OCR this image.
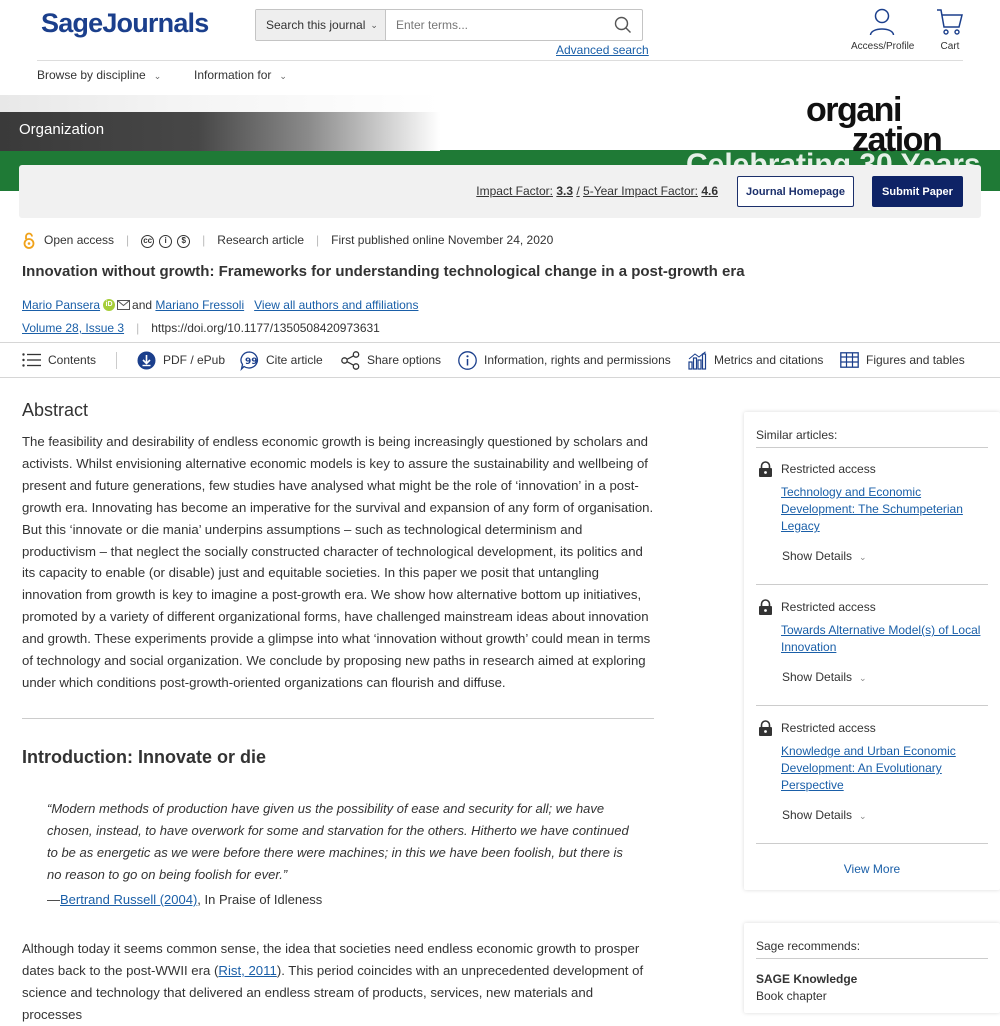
SageJournals	Search this journal ⌄
Enter terms...
Advanced search	Access/Profile	Cart
Browse by discipline ⌄	Information for ⌄
Organization
organi
zation
Impact Factor: 3.3 / 5-Year Impact Factor: 4.6	Journal Homepage	Submit Paper
Open access | cc i $	| Research article | First published online November 24, 2020
Innovation without growth: Frameworks for understanding technological change in a post-growth era
Mario Pansera iD and
Mariano Fressoli
View all authors and affiliations
Volume 28, Issue 3 | https://doi.org/10.1177/1350508420973631
Contents	PDF / ePub 99 Cite article	Share options	Information, rights and permissions	Metrics and citations	Figures and tables
Abstract

The feasibility and desirability of endless economic growth is being increasingly questioned by scholars and activists. Whilst envisioning alternative economic models is key to assure the sustainability and wellbeing of present and future generations, few studies have analysed what might be the role of ‘innovation’ in a post-growth era. Innovating has become an imperative for the survival and expansion of any form of organisation. But this ‘innovate or die mania’ underpins assumptions – such as technological determinism and productivism – that neglect the socially constructed character of technological development, its politics and its capacity to enable (or disable) just and equitable societies. In this paper we posit that untangling innovation from growth is key to imagine a post-growth era. We show how alternative bottom up initiatives, promoted by a variety of different organizational forms, have challenged mainstream ideas about innovation and growth. These experiments provide a glimpse into what ‘innovation without growth’ could mean in terms of technology and social organization. We conclude by proposing new paths in research aimed at exploring under which conditions post-growth-oriented organizations can flourish and diffuse.

Introduction: Innovate or die

“Modern methods of production have given us the possibility of ease and security for all; we have chosen, instead, to have overwork for some and starvation for the others. Hitherto we have continued to be as energetic as we were before there were machines; in this we have been foolish, but there is no reason to go on being foolish for ever.”

—Bertrand Russell (2004), In Praise of Idleness

Although today it seems common sense, the idea that societies need endless economic growth to prosper dates back to the post-WWII era (Rist, 2011). This period coincides with an unprecedented development of science and technology that delivered an endless stream of products, services, new materials and processes

Similar articles:
Restricted access
Technology and Economic Development: The Schumpeterian Legacy
Show Details ⌄
Restricted access
Towards Alternative Model(s) of Local Innovation
Show Details ⌄
Restricted access
Knowledge and Urban Economic Development: An Evolutionary Perspective
Show Details ⌄
View More
Sage recommends:
SAGE Knowledge
Book chapter
